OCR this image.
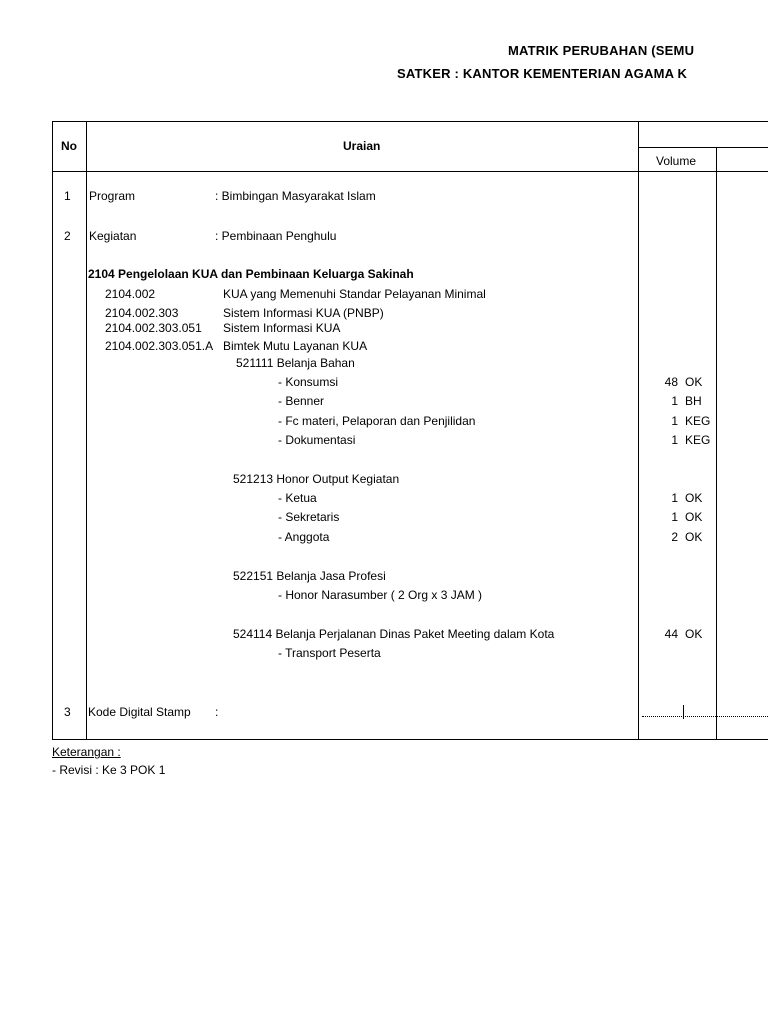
MATRIK PERUBAHAN (SEMU
SATKER : KANTOR KEMENTERIAN AGAMA K
No	Uraian
Volume
1 Program	: Bimbingan Masyarakat Islam
2 Kegiatan	: Pembinaan Penghulu
2104 Pengelolaan KUA dan Pembinaan Keluarga Sakinah
2104.002	KUA yang Memenuhi Standar Pelayanan Minimal
2104.002.303	Sistem Informasi KUA (PNBP)
2104.002.303.051 Sistem Informasi KUA
2104.002.303.051.A Bimtek Mutu Layanan KUA
521111 Belanja Bahan
- Konsumsi	48 OK
- Benner	1 BH
- Fc materi, Pelaporan dan Penjilidan	1 KEG
- Dokumentasi	1 KEG
521213 Honor Output Kegiatan
- Ketua	1 OK
- Sekretaris	1 OK
- Anggota	2 OK
522151 Belanja Jasa Profesi
- Honor Narasumber ( 2 Org x 3 JAM )
524114 Belanja Perjalanan Dinas Paket Meeting dalam Kota	44 OK
- Transport Peserta
3 Kode Digital Stamp :
Keterangan :
- Revisi : Ke 3 POK 1
